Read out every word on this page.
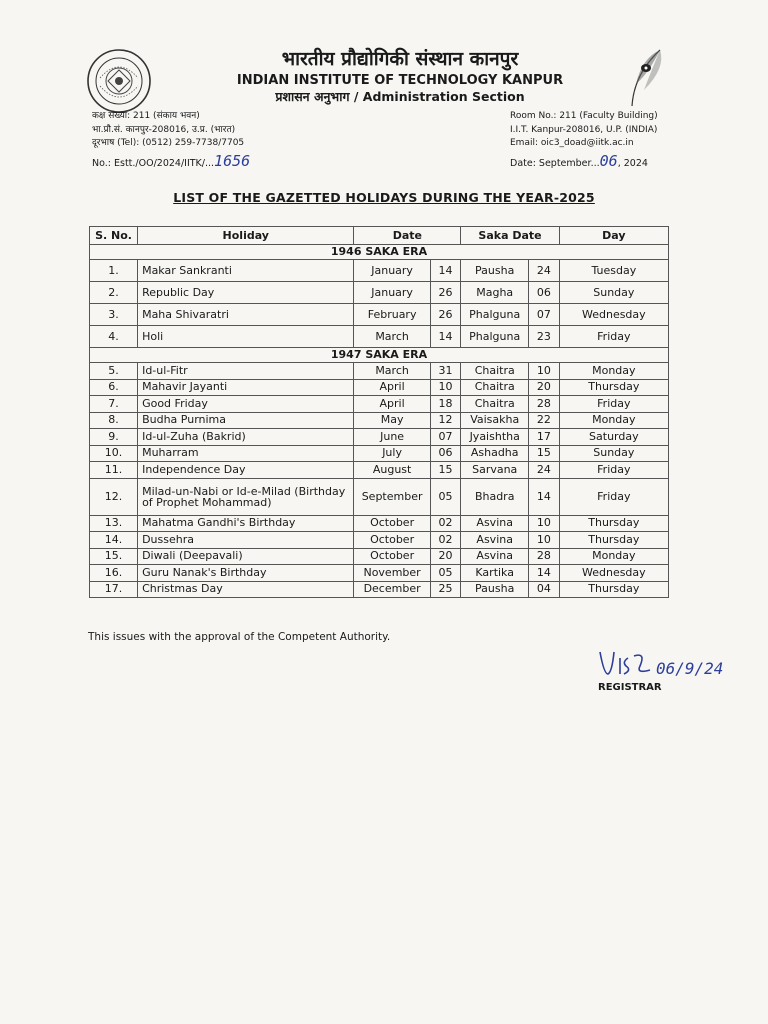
भारतीय प्रौद्योगिकी संस्थान कानपुर
INDIAN INSTITUTE OF TECHNOLOGY KANPUR
प्रशासन अनुभाग / Administration Section
कक्ष संख्या: 211 (संकाय भवन)
भा.प्रौ.सं. कानपुर-208016, उ.प्र. (भारत)
दूरभाष (Tel): (0512) 259-7738/7705
Room No.: 211 (Faculty Building)
I.I.T. Kanpur-208016, U.P. (INDIA)
Email: oic3_doad@iitk.ac.in
No.: Estt./OO/2024/IITK/...1656	Date: September...06, 2024
LIST OF THE GAZETTED HOLIDAYS DURING THE YEAR-2025
S. No.	Holiday	Date		Saka Date		Day
1946 SAKA ERA						
1.	Makar Sankranti	January	14	Pausha	24	Tuesday
2.	Republic Day	January	26	Magha	06	Sunday
3.	Maha Shivaratri	February	26	Phalguna	07	Wednesday
4.	Holi	March	14	Phalguna	23	Friday
1947 SAKA ERA						
5.	Id-ul-Fitr	March	31	Chaitra	10	Monday
6.	Mahavir Jayanti	April	10	Chaitra	20	Thursday
7.	Good Friday	April	18	Chaitra	28	Friday
8.	Budha Purnima	May	12	Vaisakha	22	Monday
9.	Id-ul-Zuha (Bakrid)	June	07	Jyaishtha	17	Saturday
10.	Muharram	July	06	Ashadha	15	Sunday
11.	Independence Day	August	15	Sarvana	24	Friday
12.	Milad-un-Nabi or Id-e-Milad (Birthday of Prophet Mohammad)	September	05	Bhadra	14	Friday
13.	Mahatma Gandhi's Birthday	October	02	Asvina	10	Thursday
14.	Dussehra	October	02	Asvina	10	Thursday
15.	Diwali (Deepavali)	October	20	Asvina	28	Monday
16.	Guru Nanak's Birthday	November	05	Kartika	14	Wednesday
17.	Christmas Day	December	25	Pausha	04	Thursday
This issues with the approval of the Competent Authority.
06/9/24
REGISTRAR
